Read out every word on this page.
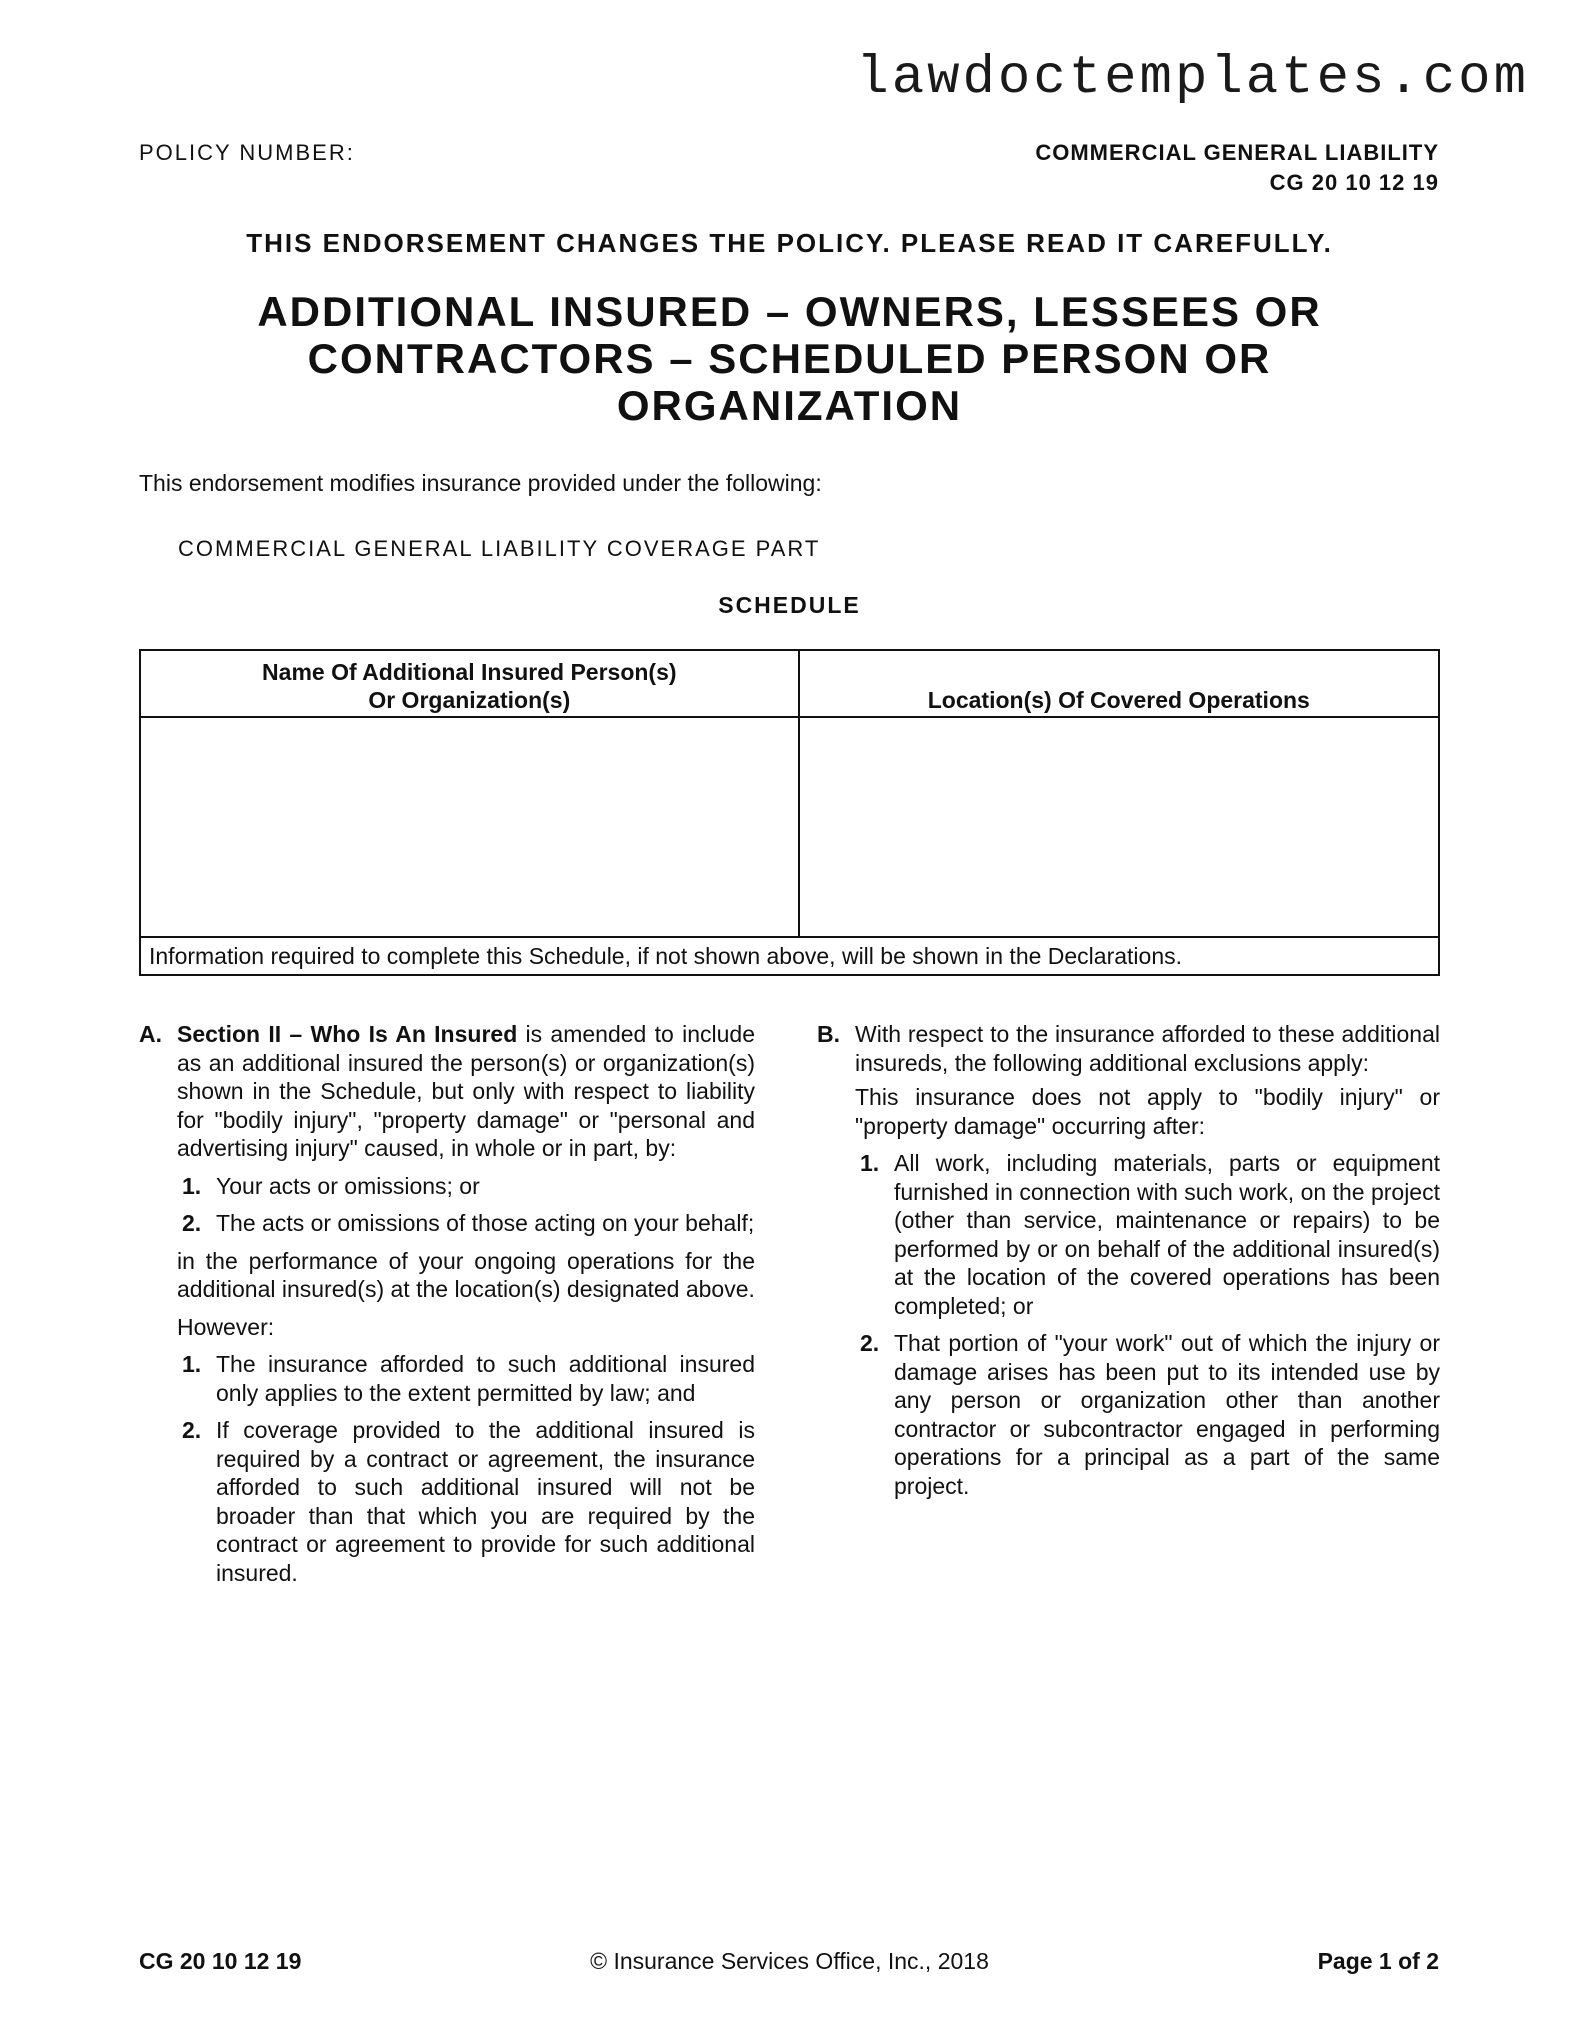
lawdoctemplates.com
POLICY NUMBER:	COMMERCIAL GENERAL LIABILITY
CG 20 10 12 19
THIS ENDORSEMENT CHANGES THE POLICY. PLEASE READ IT CAREFULLY.
ADDITIONAL INSURED – OWNERS, LESSEES OR
CONTRACTORS – SCHEDULED PERSON OR
ORGANIZATION
This endorsement modifies insurance provided under the following:
COMMERCIAL GENERAL LIABILITY COVERAGE PART
SCHEDULE
Name Of Additional Insured Person(s)
Or Organization(s)	Location(s) Of Covered Operations

Information required to complete this Schedule, if not shown above, will be shown in the Declarations.	
A. Section II – Who Is An Insured is amended to include as an additional insured the person(s) or organization(s) shown in the Schedule, but only with respect to liability for "bodily injury", "property damage" or "personal and advertising injury" caused, in whole or in part, by:
1. Your acts or omissions; or
2. The acts or omissions of those acting on your behalf;
in the performance of your ongoing operations for the additional insured(s) at the location(s) designated above.
However:
1. The insurance afforded to such additional insured only applies to the extent permitted by law; and
2. If coverage provided to the additional insured is required by a contract or agreement, the insurance afforded to such additional insured will not be broader than that which you are required by the contract or agreement to provide for such additional insured.
B. With respect to the insurance afforded to these additional insureds, the following additional exclusions apply:
This insurance does not apply to "bodily injury" or "property damage" occurring after:
1. All work, including materials, parts or equipment furnished in connection with such work, on the project (other than service, maintenance or repairs) to be performed by or on behalf of the additional insured(s) at the location of the covered operations has been completed; or
2. That portion of "your work" out of which the injury or damage arises has been put to its intended use by any person or organization other than another contractor or subcontractor engaged in performing operations for a principal as a part of the same project.
CG 20 10 12 19	© Insurance Services Office, Inc., 2018	Page 1 of 2
